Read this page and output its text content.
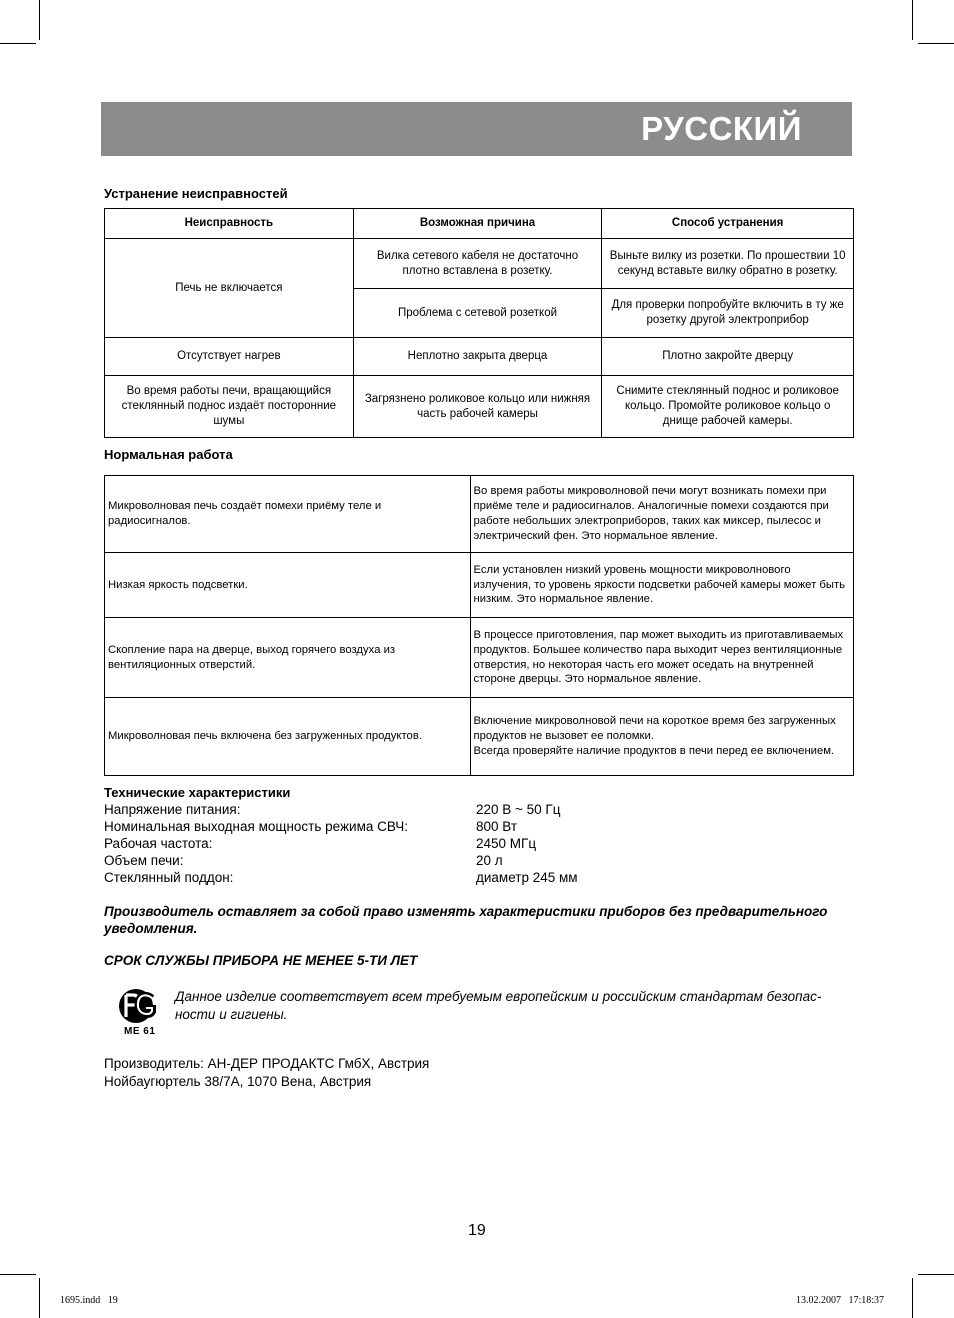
РУССКИЙ
Устранение неисправностей
Неисправность	Возможная причина	Способ устранения
Печь не включается	Вилка сетевого кабеля не достаточно плотно вставлена в розетку.	Выньте вилку из розетки. По прошествии 10 секунд вставьте вилку обратно в розетку.
	Проблема с сетевой розеткой	Для проверки попробуйте включить в ту же розетку другой электроприбор
Отсутствует нагрев	Неплотно закрыта дверца	Плотно закройте дверцу
Во время работы печи, вращающийся стеклянный поднос издаёт посторонние шумы	Загрязнено роликовое кольцо или нижняя часть рабочей камеры	Снимите стеклянный поднос и роликовое кольцо. Промойте роликовое кольцо о днище рабочей камеры.
Нормальная работа
Микроволновая печь создаёт помехи приёму теле и радиосигналов.	Во время работы микроволновой печи могут возникать помехи при приёме теле и радиосигналов. Аналогичные помехи создаются при работе небольших электроприборов, таких как миксер, пылесос и электрический фен. Это нормальное явление.
Низкая яркость подсветки.	Если установлен низкий уровень мощности микроволнового излучения, то уровень яркости подсветки рабочей камеры может быть низким. Это нормальное явление.
Скопление пара на дверце, выход горячего воздуха из вентиляционных отверстий.	В процессе приготовления, пар может выходить из приготавливаемых продуктов. Большее количество пара выходит через вентиляционные отверстия, но некоторая часть его может оседать на внутренней стороне дверцы. Это нормальное явление.
Микроволновая печь включена без загруженных продуктов.	Включение микроволновой печи на короткое время без загруженных продуктов не вызовет ее поломки.
Всегда проверяйте наличие продуктов в печи перед ее включением.
Технические характеристики
Напряжение питания:	220 В ~ 50 Гц
Номинальная выходная мощность режима СВЧ:	800 Вт
Рабочая частота:	2450 МГц
Объем печи:	20 л
Стеклянный поддон:	диаметр 245 мм
Производитель оставляет за собой право изменять характеристики приборов без предварительного уведомления.
СРОК СЛУЖБЫ ПРИБОРА НЕ МЕНЕЕ 5-ТИ ЛЕТ
ME 61
Данное изделие соответствует всем требуемым европейским и российским стандартам безопас-ности и гигиены.
Производитель: АН-ДЕР ПРОДАКТС ГмбХ, Австрия
Нойбаугюртель 38/7А, 1070 Вена, Австрия
19
1695.indd   19	13.02.2007   17:18:37
